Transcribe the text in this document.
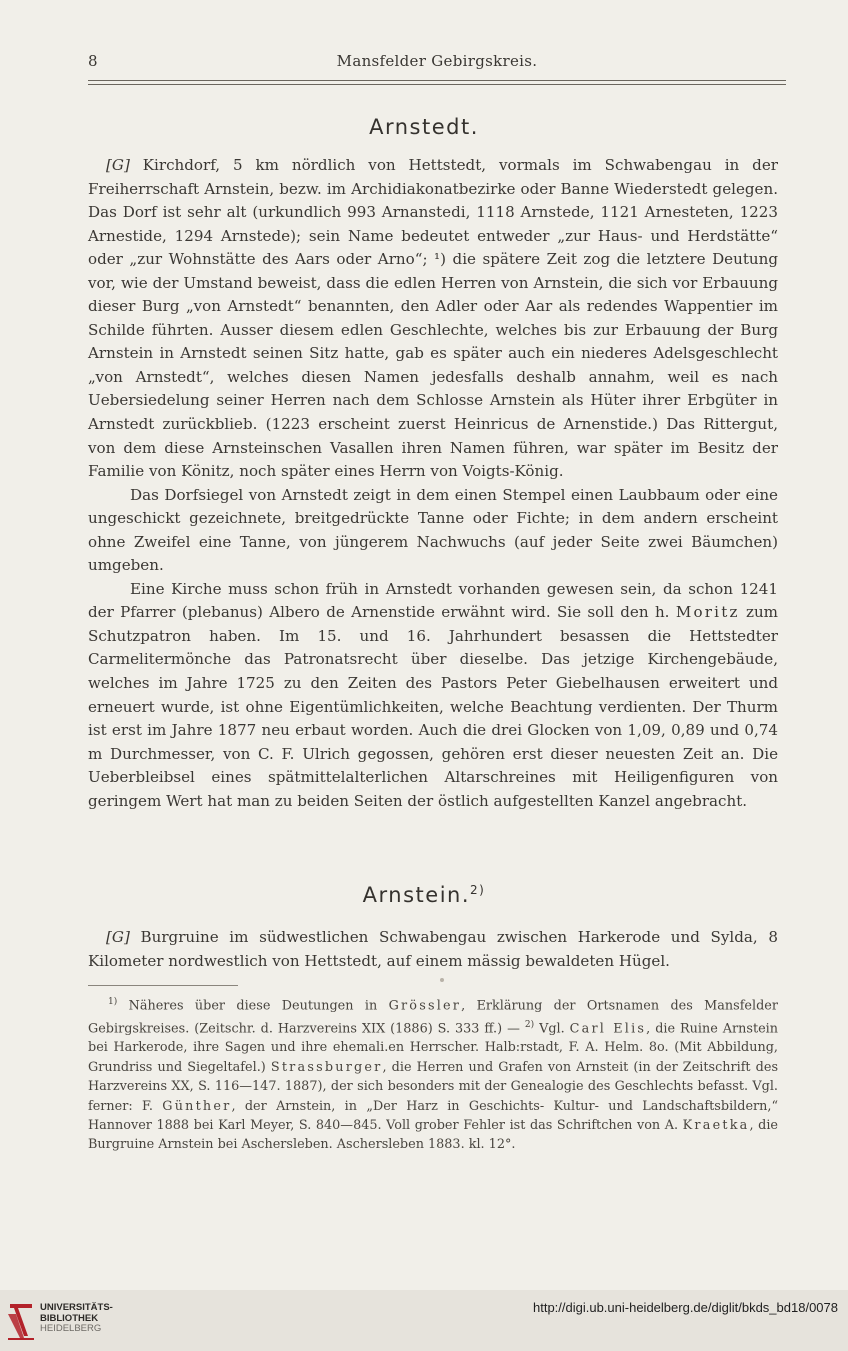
8	Mansfelder Gebirgskreis.
Arnstedt.

[G] Kirchdorf, 5 km nördlich von Hettstedt, vormals im Schwabengau in der Freiherrschaft Arnstein, bezw. im Archidiakonatbezirke oder Banne Wiederstedt gelegen. Das Dorf ist sehr alt (urkundlich 993 Arnanstedi, 1118 Arnstede, 1121 Arnesteten, 1223 Arnestide, 1294 Arnstede); sein Name bedeutet entweder „zur Haus- und Herdstätte“ oder „zur Wohnstätte des Aars oder Arno“; ¹) die spätere Zeit zog die letztere Deutung vor, wie der Umstand beweist, dass die edlen Herren von Arnstein, die sich vor Erbauung dieser Burg „von Arnstedt“ benannten, den Adler oder Aar als redendes Wappentier im Schilde führten. Ausser diesem edlen Geschlechte, welches bis zur Erbauung der Burg Arnstein in Arnstedt seinen Sitz hatte, gab es später auch ein niederes Adelsgeschlecht „von Arnstedt“, welches diesen Namen jedesfalls deshalb annahm, weil es nach Uebersiedelung seiner Herren nach dem Schlosse Arnstein als Hüter ihrer Erbgüter in Arnstedt zurückblieb. (1223 erscheint zuerst Heinricus de Arnenstide.) Das Rittergut, von dem diese Arnsteinschen Vasallen ihren Namen führen, war später im Besitz der Familie von Könitz, noch später eines Herrn von Voigts-König.

Das Dorfsiegel von Arnstedt zeigt in dem einen Stempel einen Laubbaum oder eine ungeschickt gezeichnete, breitgedrückte Tanne oder Fichte; in dem andern erscheint ohne Zweifel eine Tanne, von jüngerem Nachwuchs (auf jeder Seite zwei Bäumchen) umgeben.

Eine Kirche muss schon früh in Arnstedt vorhanden gewesen sein, da schon 1241 der Pfarrer (plebanus) Albero de Arnenstide erwähnt wird. Sie soll den h. Moritz zum Schutzpatron haben. Im 15. und 16. Jahrhundert besassen die Hettstedter Carmelitermönche das Patronatsrecht über dieselbe. Das jetzige Kirchengebäude, welches im Jahre 1725 zu den Zeiten des Pastors Peter Giebelhausen erweitert und erneuert wurde, ist ohne Eigentümlichkeiten, welche Beachtung verdienten. Der Thurm ist erst im Jahre 1877 neu erbaut worden. Auch die drei Glocken von 1,09, 0,89 und 0,74 m Durchmesser, von C. F. Ulrich gegossen, gehören erst dieser neuesten Zeit an. Die Ueberbleibsel eines spätmittelalterlichen Altarschreines mit Heiligenfiguren von geringem Wert hat man zu beiden Seiten der östlich aufgestellten Kanzel angebracht.

Arnstein.$^{2)}$

[G] Burgruine im südwestlichen Schwabengau zwischen Harkerode und Sylda, 8 Kilometer nordwestlich von Hettstedt, auf einem mässig bewaldeten Hügel.

$^{1)}$ Näheres über diese Deutungen in Grössler, Erklärung der Ortsnamen des Mansfelder Gebirgskreises. (Zeitschr. d. Harzvereins XIX (1886) S. 333 ff.) — $^{2)}$ Vgl. Carl Elis, die Ruine Arnstein bei Harkerode, ihre Sagen und ihre ehemali.en Herrscher. Halb:rstadt, F. A. Helm. 8o. (Mit Abbildung, Grundriss und Siegeltafel.) Strassburger, die Herren und Grafen von Arnsteit (in der Zeitschrift des Harzvereins XX, S. 116—147. 1887), der sich besonders mit der Genealogie des Geschlechts befasst. Vgl. ferner: F. Günther, der Arnstein, in „Der Harz in Geschichts- Kultur- und Landschaftsbildern,“ Hannover 1888 bei Karl Meyer, S. 840—845. Voll grober Fehler ist das Schriftchen von A. Kraetka, die Burgruine Arnstein bei Aschersleben. Aschersleben 1883. kl. 12°.

UNIVERSITÄTS-
BIBLIOTHEK
HEIDELBERG
http://digi.ub.uni-heidelberg.de/diglit/bkds_bd18/0078
